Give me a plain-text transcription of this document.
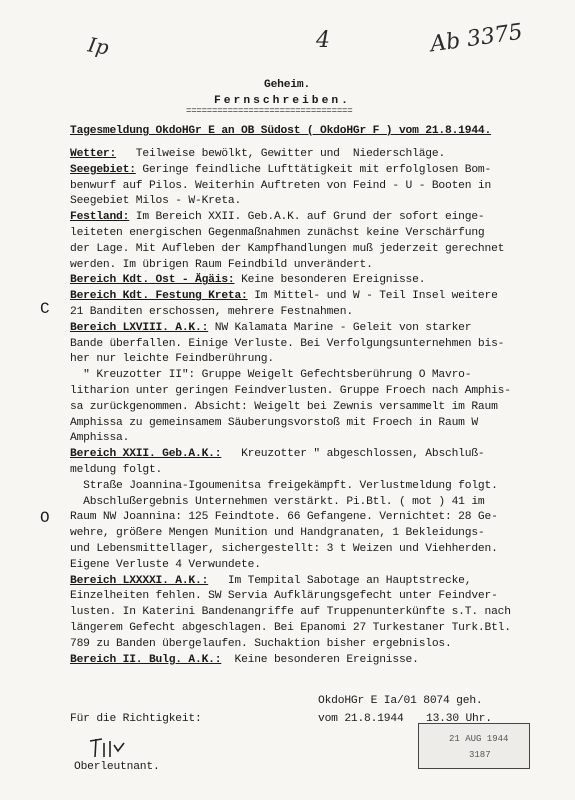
Ip	4	Ab 3375
Geheim.
Fernschreiben.
================================
Tagesmeldung OkdoHGr E an OB Südost ( OkdoHGr F ) vom 21.8.1944.
Wetter:   Teilweise bewölkt, Gewitter und  Niederschläge.
Seegebiet: Geringe feindliche Lufttätigkeit mit erfolglosen Bom-
benwurf auf Pilos. Weiterhin Auftreten von Feind - U - Booten in
Seegebiet Milos - W-Kreta.
Festland: Im Bereich XXII. Geb.A.K. auf Grund der sofort einge-
leiteten energischen Gegenmaßnahmen zunächst keine Verschärfung
der Lage. Mit Aufleben der Kampfhandlungen muß jederzeit gerechnet
werden. Im übrigen Raum Feindbild unverändert.
Bereich Kdt. Ost - Ägäis: Keine besonderen Ereignisse.
Bereich Kdt. Festung Kreta: Im Mittel- und W - Teil Insel weitere
21 Banditen erschossen, mehrere Festnahmen.
Bereich LXVIII. A.K.: NW Kalamata Marine - Geleit von starker
Bande überfallen. Einige Verluste. Bei Verfolgungsunternehmen bis-
her nur leichte Feindberührung.
" Kreuzotter II": Gruppe Weigelt Gefechtsberührung O Mavro-
litharion unter geringen Feindverlusten. Gruppe Froech nach Amphis-
sa zurückgenommen. Absicht: Weigelt bei Zewnis versammelt im Raum
Amphissa zu gemeinsamem Säuberungsvorstoß mit Froech in Raum W
Amphissa.
Bereich XXII. Geb.A.K.:   Kreuzotter " abgeschlossen, Abschluß-
meldung folgt.
Straße Joannina-Igoumenitsa freigekämpft. Verlustmeldung folgt.
Abschlußergebnis Unternehmen verstärkt. Pi.Btl. ( mot ) 41 im
Raum NW Joannina: 125 Feindtote. 66 Gefangene. Vernichtet: 28 Ge-
wehre, größere Mengen Munition und Handgranaten, 1 Bekleidungs-
und Lebensmittellager, sichergestellt: 3 t Weizen und Viehherden.
Eigene Verluste 4 Verwundete.
Bereich LXXXXI. A.K.:   Im Tempital Sabotage an Hauptstrecke,
Einzelheiten fehlen. SW Servia Aufklärungsgefecht unter Feindver-
lusten. In Katerini Bandenangriffe auf Truppenunterkünfte s.T. nach
längerem Gefecht abgeschlagen. Bei Epanomi 27 Turkestaner Turk.Btl.
789 zu Banden übergelaufen. Suchaktion bisher ergebnislos.
Bereich II. Bulg. A.K.:  Keine besonderen Ereignisse.
C
O
OkdoHGr E Ia/01 8074 geh.
Für die Richtigkeit:	vom 21.8.1944 13.30 Uhr.
21 AUG 1944
3187
Oberleutnant.
